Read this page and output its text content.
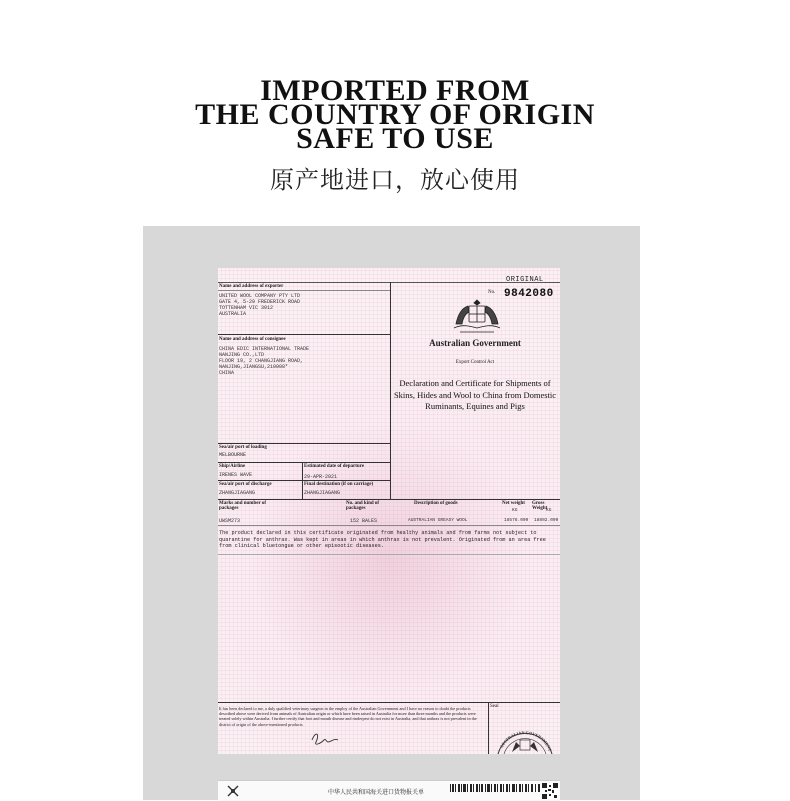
IMPORTED FROM
THE COUNTRY OF ORIGIN
SAFE TO USE
原产地进口，放心使用
ORIGINAL
No. 9842080
Australian Government
Export Control Act
Declaration and Certificate for Shipments of Skins, Hides and Wool to China from Domestic Ruminants, Equines and Pigs
Name and address of exporter
UNITED WOOL COMPANY PTY LTD
GATE 4, 5-29 FREDERICK ROAD
TOTTENHAM VIC 3012
AUSTRALIA
Name and address of consignee
CHINA EDIC INTERNATIONAL TRADE
NANJING CO.,LTD
FLOOR 19, 2 CHANGJIANG ROAD,
NANJING,JIANGSU,210008*
CHINA
Sea/air port of loading
MELBOURNE
Ship/Airline
IRENES WAVE
Estimated date of departure
29-APR-2021
Sea/air port of discharge
ZHANGJIAGANG
Final destination (if on carriage)
ZHANGJIAGANG
Marks and number of packages
No. and kind of packages
Description of goods	Net weight Gross Weight
KG	KG
UWSM273	152 BALES	AUSTRALIAN GREASY WOOL	18578.000 18802.000
The product declared in this certificate originated from healthy animals and from farms not subject to quarantine for anthrax. Was kept in areas in which anthrax is not prevalent. Originated from an area free from clinical bluetongue or other episootic diseases.
It has been declared to me, a duly qualified veterinary surgeon in the employ of the Australian Government and I have no reason to doubt the products described above were derived from animals of Australian origin or which have been raised in Australia for more than three months and the products were treated solely within Australia. I further certify that foot and mouth disease and rinderpest do not exist in Australia, and that anthrax is not prevalent in the district of origin of the above-mentioned products.
Seal
AUSTRALIAN GOVERNMENT
中华人民共和国海关进口货物报关单
